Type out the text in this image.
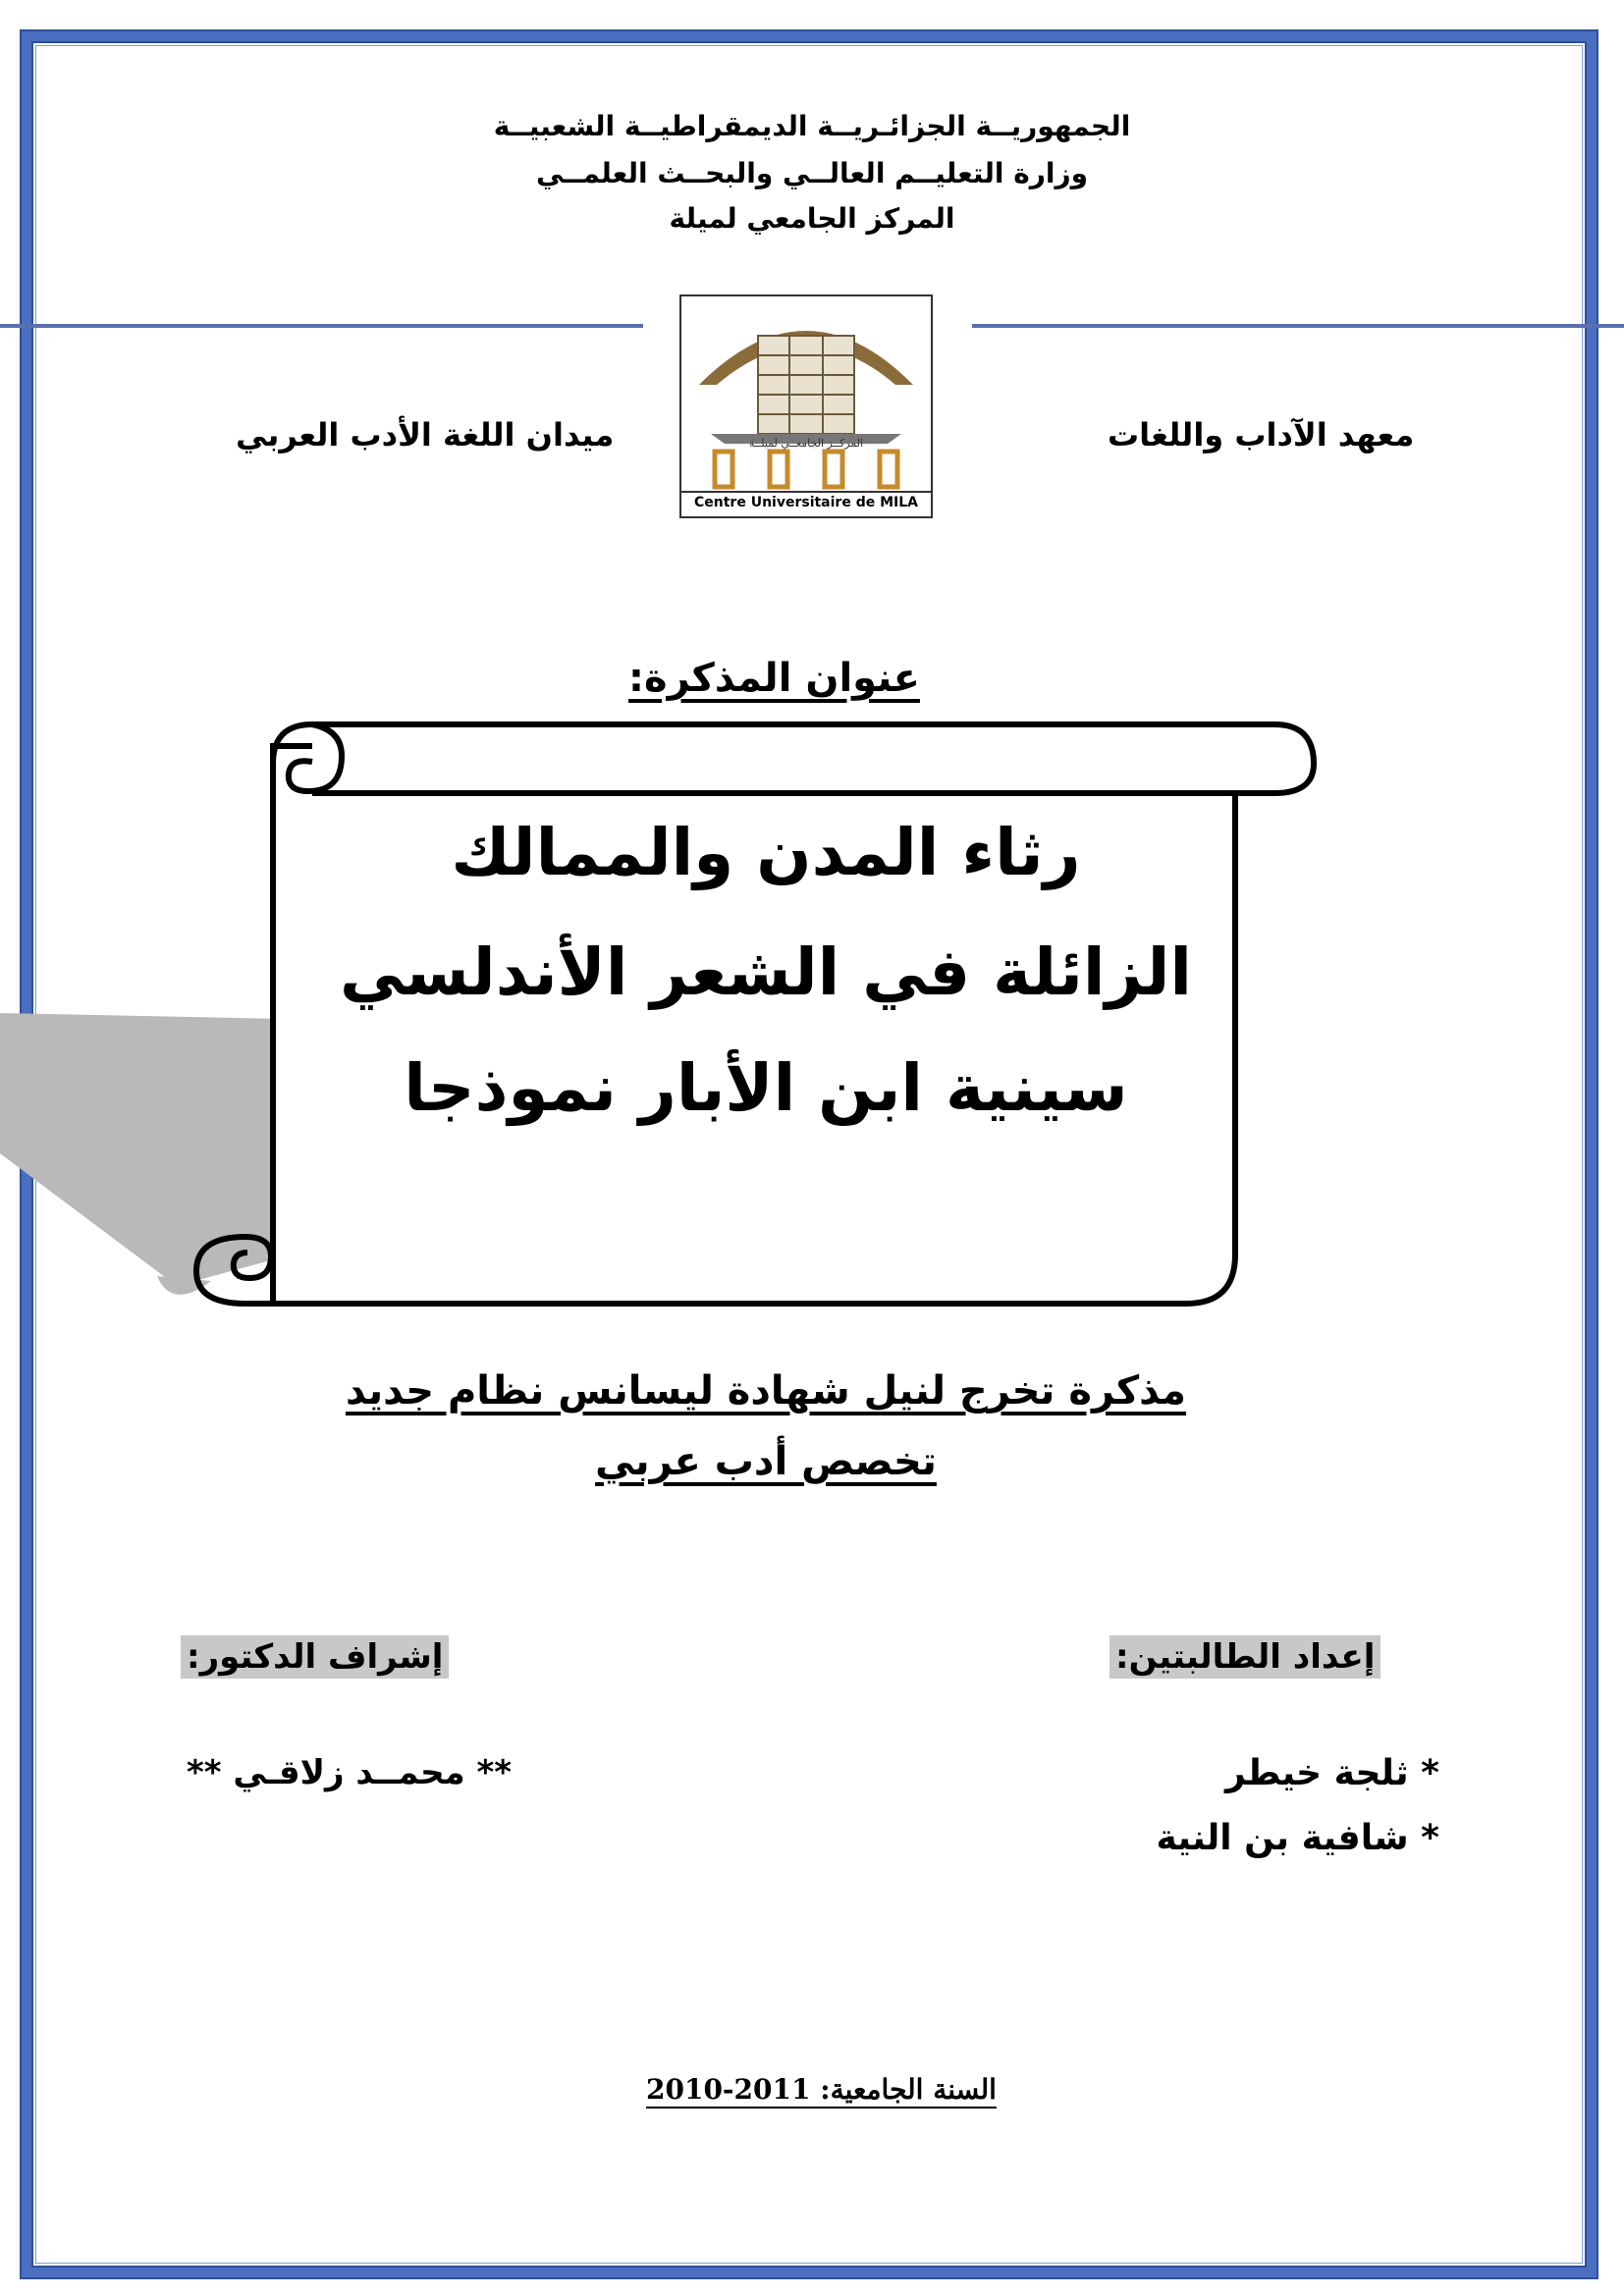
الجمهوريــة الجزائـريــة الديمقراطيــة الشعبيــة
وزارة التعليــم العالــي والبحــث العلمــي
المركز الجامعي لميلة
ميدان اللغة الأدب العربي	معهد الآداب واللغات
المركــز الجامعــي لميلــة
Centre Universitaire de MILA
عنوان المذكرة:
رثاء المدن والممالك
الزائلة في الشعر الأندلسي
سينية ابن الأبار نموذجا
مذكرة تخرج لنيل شهادة ليسانس نظام جديد
تخصص أدب عربي
إشراف الدكتور:
** محمــد زلاقـي **
إعداد الطالبتين:
* ثلجة خيطر
* شافية بن النية
السنة الجامعية: 2010-2011
